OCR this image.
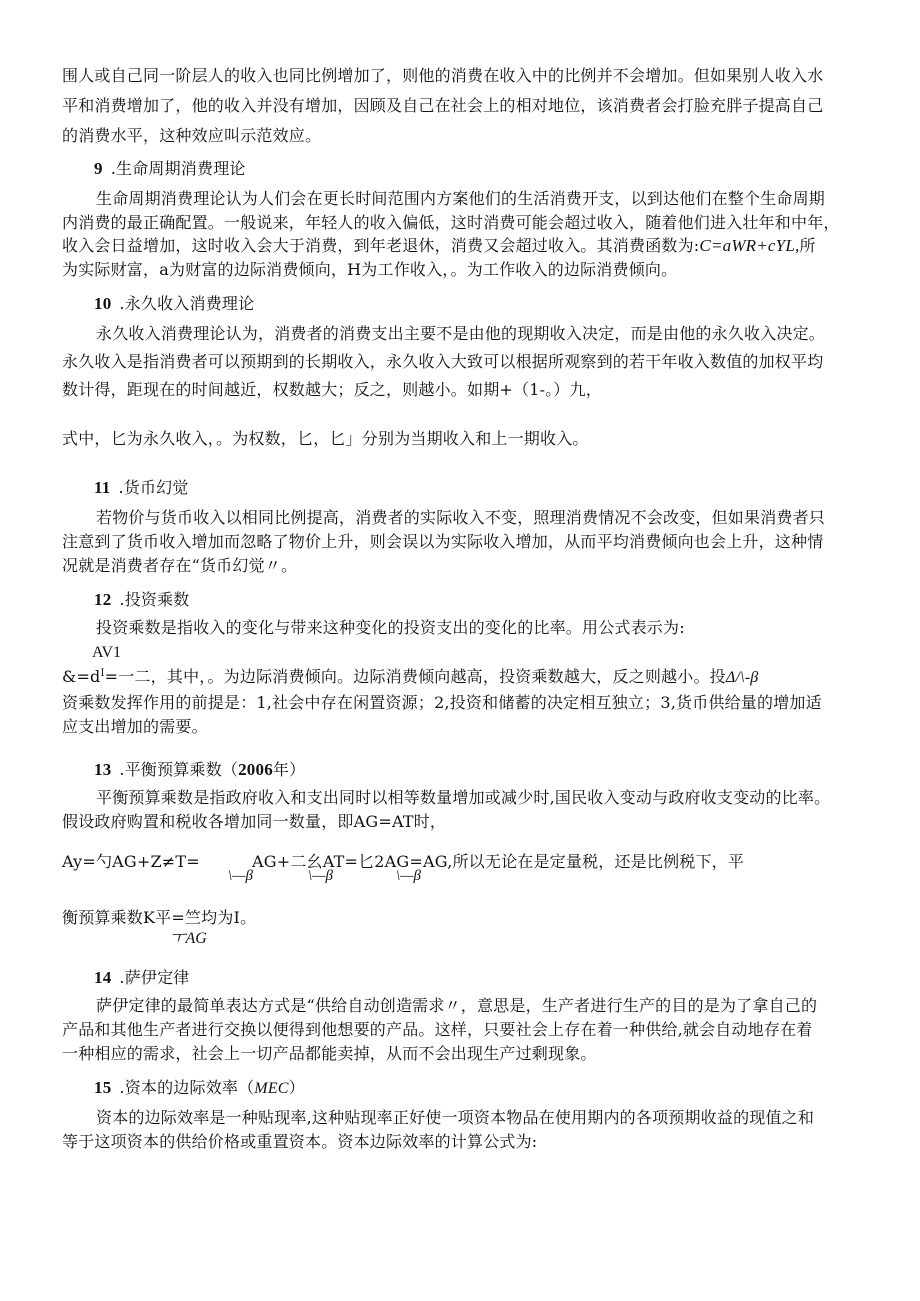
围人或自己同一阶层人的收入也同比例增加了，则他的消费在收入中的比例并不会增加。但如果别人收入水
平和消费增加了，他的收入并没有增加，因顾及自己在社会上的相对地位，该消费者会打脸充胖子提高自己
的消费水平，这种效应叫示范效应。
9 .生命周期消费理论
生命周期消费理论认为人们会在更长时间范围内方案他们的生活消费开支，以到达他们在整个生命周期
内消费的最正确配置。一般说来，年轻人的收入偏低，这时消费可能会超过收入，随着他们进入壮年和中年，
收入会日益增加，这时收入会大于消费，到年老退休，消费又会超过收入。其消费函数为:C=aWR+cYL,所
为实际财富，a为财富的边际消费倾向，H为工作收入，。为工作收入的边际消费倾向。
10 .永久收入消费理论
永久收入消费理论认为，消费者的消费支出主要不是由他的现期收入决定，而是由他的永久收入决定。
永久收入是指消费者可以预期到的长期收入，永久收入大致可以根据所观察到的若干年收入数值的加权平均
数计得，距现在的时间越近，权数越大；反之，则越小。如期+（1-。）九，
式中，匕为永久收入，。为权数，匕，匕」分别为当期收入和上一期收入。
11 .货币幻觉
若物价与货币收入以相同比例提高，消费者的实际收入不变，照理消费情况不会改变，但如果消费者只
注意到了货币收入增加而忽略了物价上升，则会误以为实际收入增加，从而平均消费倾向也会上升，这种情
况就是消费者存在“货币幻觉〃。
12 .投资乘数
投资乘数是指收入的变化与带来这种变化的投资支出的变化的比率。用公式表示为:
AV1
$\&=d^I=$一二，其中，。为边际消费倾向。边际消费倾向越高，投资乘数越大，反之则越小。投Δ/\-β
资乘数发挥作用的前提是：1,社会中存在闲置资源；2,投资和储蓄的决定相互独立；3,货币供给量的增加适
应支出增加的需要。
13 .平衡预算乘数（2006年）
平衡预算乘数是指政府收入和支出同时以相等数量增加或减少时,国民收入变动与政府收支变动的比率。
假设政府购置和税收各增加同一数量，即AG=AT时，
Ay=勺AG+Z≠T=	AG+二幺AT=匕2AG=AG,所以无论在是定量税，还是比例税下，平
\—β	\—β	\—β
衡预算乘数K平=竺均为I。
ㅜAG
14 .萨伊定律
萨伊定律的最简单表达方式是“供给自动创造需求〃，意思是，生产者进行生产的目的是为了拿自己的
产品和其他生产者进行交换以便得到他想要的产品。这样，只要社会上存在着一种供给,就会自动地存在着
一种相应的需求，社会上一切产品都能卖掉，从而不会出现生产过剩现象。
15 .资本的边际效率（MEC）
资本的边际效率是一种贴现率,这种贴现率正好使一项资本物品在使用期内的各项预期收益的现值之和
等于这项资本的供给价格或重置资本。资本边际效率的计算公式为:
